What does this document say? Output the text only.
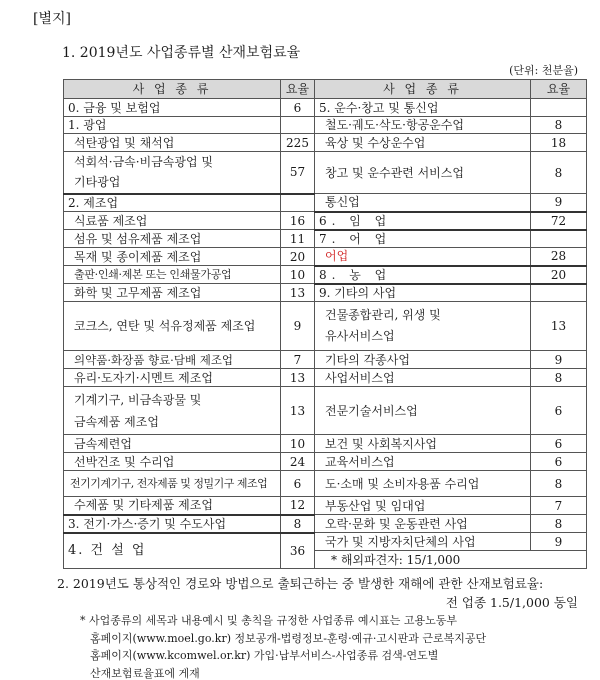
[별지]
1. 2019년도 사업종류별 산재보험료율
(단위: 천분율)
사 업 종 류	요율	사 업 종 류	요율
0. 금융 및 보험업	6	5. 운수·창고 및 통신업	
1. 광업		철도·궤도·삭도·항공운수업	8
석탄광업 및 채석업	225	육상 및 수상운수업	18

석회석·금속·비금속광업 및
기타광업	57	창고 및 운수관련 서비스업	8
2. 제조업		통신업	9
식료품 제조업	16	6. 임 업	72
섬유 및 섬유제품 제조업	11	7. 어 업	
목재 및 종이제품 제조업	20	어업	28
출판·인쇄·제본 또는 인쇄물가공업	10	8. 농 업	20
화학 및 고무제품 제조업	13	9. 기타의 사업	
코크스, 연탄 및 석유정제품 제조업	9	건물종합관리, 위생 및
유사서비스업	13
의약품·화장품 향료·담배 제조업	7	기타의 각종사업	9
유리·도자기·시멘트 제조업	13	사업서비스업	8

기계기구, 비금속광물 및
금속제품 제조업	13	전문기술서비스업	6
금속제련업	10	보건 및 사회복지사업	6
선박건조 및 수리업	24	교육서비스업	6
전기기계기구, 전자제품 및 정밀기구 제조업	6	도·소매 및 소비자용품 수리업	8
수제품 및 기타제품 제조업	12	부동산업 및 임대업	7
3. 전기·가스·증기 및 수도사업	8	오락·문화 및 운동관련 사업	8
4. 건 설 업	36	국가 및 지방자치단체의 사업	9
		* 해외파견자: 15/1,000	
2. 2019년도 통상적인 경로와 방법으로 출퇴근하는 중 발생한 재해에 관한 산재보험료율:
전 업종 1.5/1,000 동일

* 사업종류의 세목과 내용예시 및 총칙을 규정한 사업종류 예시표는 고용노동부

홈페이지(www.moel.go.kr) 정보공개-법령정보-훈령·예규·고시판과 근로복지공단

홈페이지(www.kcomwel.or.kr) 가입·납부서비스-사업종류 검색-연도별

산재보험료율표에 게재
